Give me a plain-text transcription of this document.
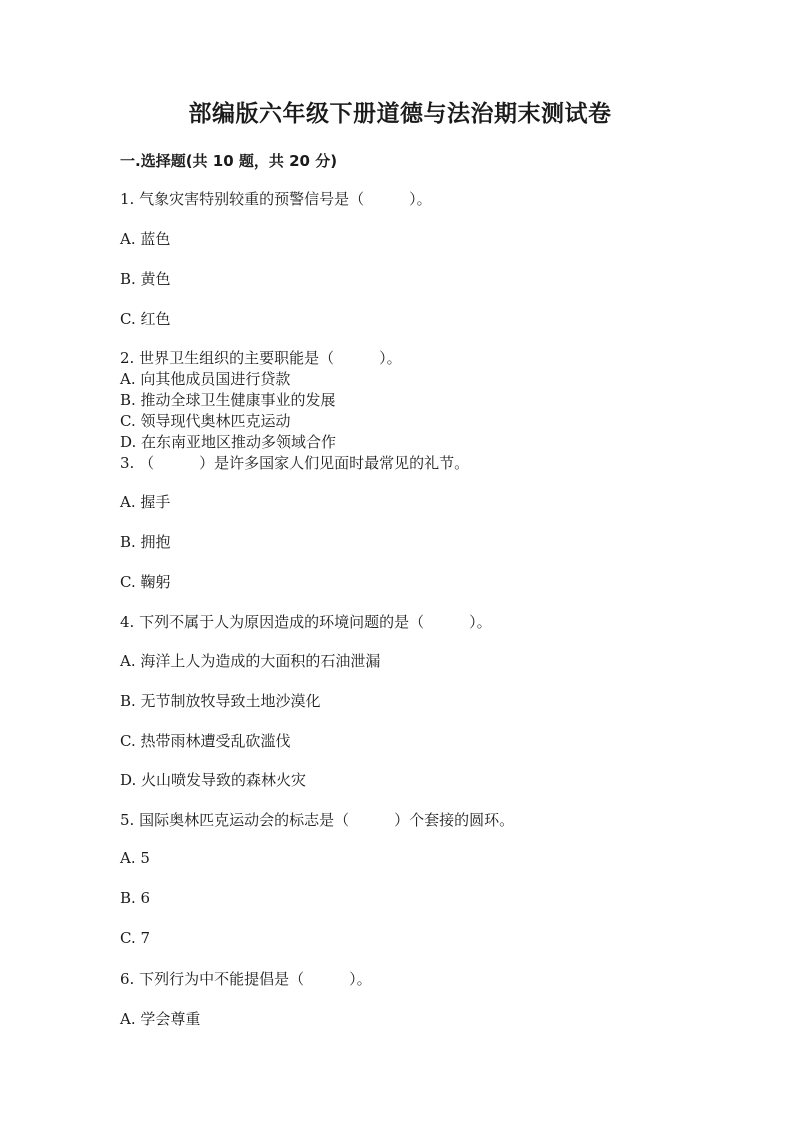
部编版六年级下册道德与法治期末测试卷
一.选择题(共 10 题，共 20 分)
1. 气象灾害特别较重的预警信号是（　　　）。
A. 蓝色
B. 黄色
C. 红色
2. 世界卫生组织的主要职能是（　　　）。
A. 向其他成员国进行贷款
B. 推动全球卫生健康事业的发展
C. 领导现代奥林匹克运动
D. 在东南亚地区推动多领域合作
3. （　　　）是许多国家人们见面时最常见的礼节。
A. 握手
B. 拥抱
C. 鞠躬
4. 下列不属于人为原因造成的环境问题的是（　　　）。
A. 海洋上人为造成的大面积的石油泄漏
B. 无节制放牧导致土地沙漠化
C. 热带雨林遭受乱砍滥伐
D. 火山喷发导致的森林火灾
5. 国际奥林匹克运动会的标志是（　　　）个套接的圆环。
A. 5
B. 6
C. 7
6. 下列行为中不能提倡是（　　　）。
A. 学会尊重
